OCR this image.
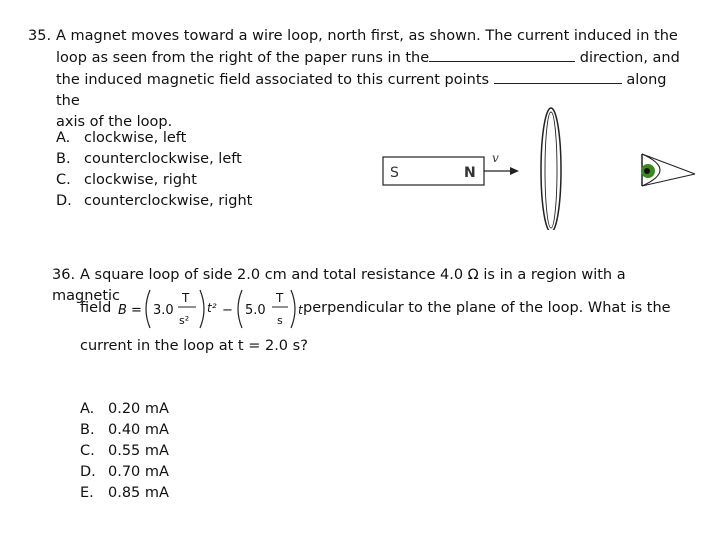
35. A magnet moves toward a wire loop, north first, as shown. The current induced in the
loop as seen from the right of the paper runs in the	direction, and
the induced magnetic field associated to this current points	along the
axis of the loop.
A. clockwise, left
B. counterclockwise, left
C. clockwise, right
D. counterclockwise, right
S	N
v
36. A square loop of side 2.0 cm and total resistance 4.0 Ω is in a region with a magnetic
field B = 3.0
T
s²
t² − 5.0
T
s
t perpendicular to the plane of the loop. What is the
current in the loop at t = 2.0 s?
A. 0.20 mA
B. 0.40 mA
C. 0.55 mA
D. 0.70 mA
E. 0.85 mA
